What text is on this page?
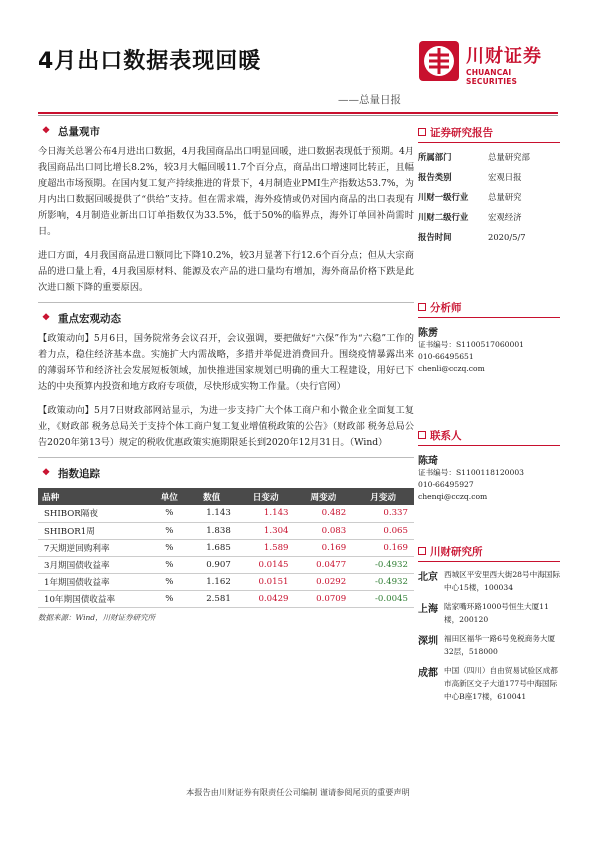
4月出口数据表现回暖
——总量日报
川财证券
CHUANCAI SECURITIES
❖ 总量观市

今日海关总署公布4月进出口数据，4月我国商品出口明显回暖，进口数据表现低于预期。4月我国商品出口同比增长8.2%，较3月大幅回暖11.7个百分点，商品出口增速同比转正，且幅度超出市场预期。在国内复工复产持续推进的背景下，4月制造业PMI生产指数达53.7%，为月内出口数据回暖提供了“供给”支持。但在需求端，海外疫情或仍对国内商品的出口表现有所影响，4月制造业新出口订单指数仅为33.5%，低于50%的临界点，海外订单回补尚需时日。

进口方面，4月我国商品进口额同比下降10.2%，较3月显著下行12.6个百分点；但从大宗商品的进口量上看，4月我国原材料、能源及农产品的进口量均有增加，海外商品价格下跌是此次进口额下降的重要原因。

❖ 重点宏观动态

【政策动向】5月6日，国务院常务会议召开，会议强调，要把做好“六保”作为“六稳”工作的着力点，稳住经济基本盘。实施扩大内需战略，多措并举促进消费回升。围绕疫情暴露出来的薄弱环节和经济社会发展短板领域，加快推进国家规划已明确的重大工程建设，用好已下达的中央预算内投资和地方政府专项债，尽快形成实物工作量。（央行官网）

【政策动向】5月7日财政部网站显示，为进一步支持广大个体工商户和小微企业全面复工复业，《财政部 税务总局关于支持个体工商户复工复业增值税政策的公告》（财政部 税务总局公告2020年第13号）规定的税收优惠政策实施期限延长到2020年12月31日。（Wind）

❖ 指数追踪
品种	单位	数值	日变动	周变动	月变动
SHIBOR隔夜	%	1.143	1.143	0.482	0.337
SHIBOR1周	%	1.838	1.304	0.083	0.065
7天期逆回购利率	%	1.685	1.589	0.169	0.169
3月期国债收益率	%	0.907	0.0145	0.0477	-0.4932
1年期国债收益率	%	1.162	0.0151	0.0292	-0.4932
10年期国债收益率	%	2.581	0.0429	0.0709	-0.0045
数据来源：Wind，川财证券研究所
证券研究报告
所属部门	总量研究部
报告类别	宏观日报
川财一级行业	总量研究
川财二级行业	宏观经济
报告时间	2020/5/7
分析师
陈雳
证书编号：S1100517060001
010-66495651
chenli@cczq.com
联系人
陈琦
证书编号：S1100118120003
010-66495927
chenqi@cczq.com
川财研究所
北京 西城区平安里西大街28号中海国际中心15楼，100034
上海 陆家嘴环路1000号恒生大厦11楼，200120
深圳 福田区福华一路6号免税商务大厦32层，518000
成都 中国（四川）自由贸易试验区成都市高新区交子大道177号中海国际中心B座17楼，610041
本报告由川财证券有限责任公司编制 谨请参阅尾页的重要声明
